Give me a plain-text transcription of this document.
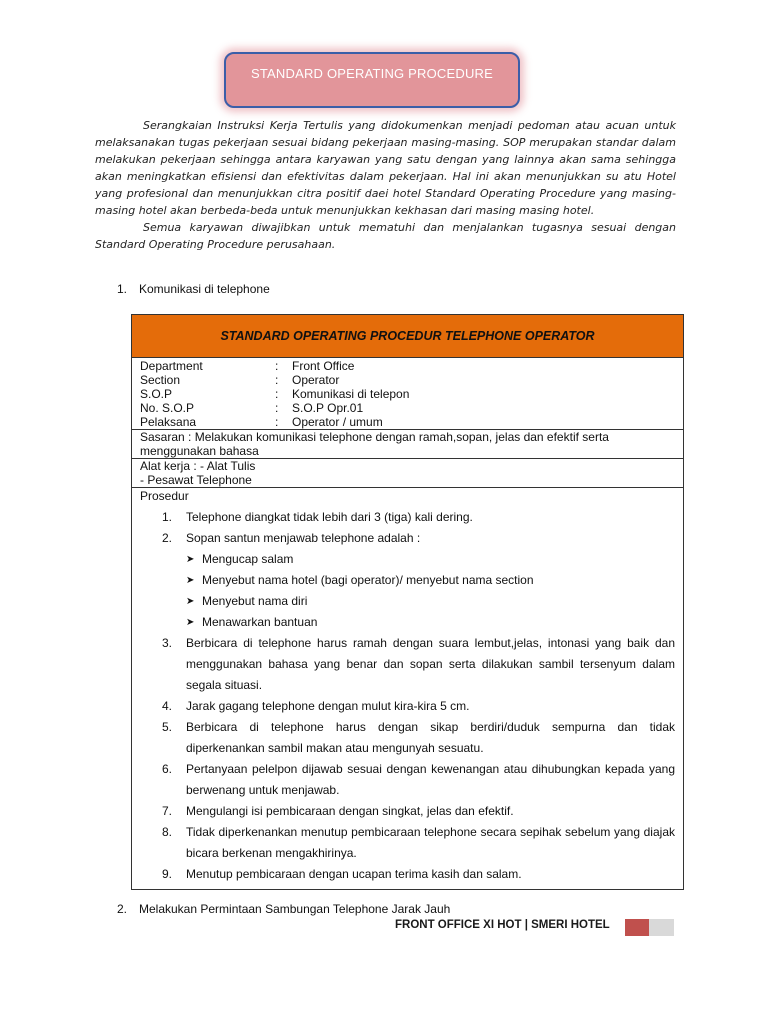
STANDARD OPERATING PROCEDURE

Serangkaian Instruksi Kerja Tertulis yang didokumenkan menjadi pedoman atau acuan untuk melaksanakan tugas pekerjaan sesuai bidang pekerjaan masing-masing. SOP merupakan standar dalam melakukan pekerjaan sehingga antara karyawan yang satu dengan yang lainnya akan sama sehingga akan meningkatkan efisiensi dan efektivitas dalam pekerjaan. Hal ini akan menunjukkan su atu Hotel yang profesional dan menunjukkan citra positif daei hotel Standard Operating Procedure yang masing-masing hotel akan berbeda-beda untuk menunjukkan kekhasan dari masing masing hotel.

Semua karyawan diwajibkan untuk mematuhi dan menjalankan tugasnya sesuai dengan Standard Operating Procedure perusahaan.

1. Komunikasi di telephone
STANDARD OPERATING PROCEDUR TELEPHONE OPERATOR
Department	:	Front Office
Section	:	Operator
S.O.P	:	Komunikasi di telepon
No. S.O.P	:	S.O.P Opr.01
Pelaksana	:	Operator / umum
Sasaran : Melakukan komunikasi telephone dengan ramah,sopan, jelas dan efektif serta menggunakan bahasa
Alat kerja : - Alat Tulis
- Pesawat Telephone
Prosedur
1. Telephone diangkat tidak lebih dari 3 (tiga) kali dering.
2. Sopan santun menjawab telephone adalah :
➤ Mengucap salam
➤ Menyebut nama hotel (bagi operator)/ menyebut nama section
➤ Menyebut nama diri
➤ Menawarkan bantuan
3. Berbicara di telephone harus ramah dengan suara lembut,jelas, intonasi yang baik dan menggunakan bahasa yang benar dan sopan serta dilakukan sambil tersenyum dalam segala situasi.
4. Jarak gagang telephone dengan mulut kira-kira 5 cm.
5. Berbicara di telephone harus dengan sikap berdiri/duduk sempurna dan tidak diperkenankan sambil makan atau mengunyah sesuatu.
6. Pertanyaan pelelpon dijawab sesuai dengan kewenangan atau dihubungkan kepada yang berwenang untuk menjawab.
7. Mengulangi isi pembicaraan dengan singkat, jelas dan efektif.
8. Tidak diperkenankan menutup pembicaraan telephone secara sepihak sebelum yang diajak bicara berkenan mengakhirinya.
9. Menutup pembicaraan dengan ucapan terima kasih dan salam.
2. Melakukan Permintaan Sambungan Telephone Jarak Jauh
FRONT OFFICE XI HOT | SMERI HOTEL
